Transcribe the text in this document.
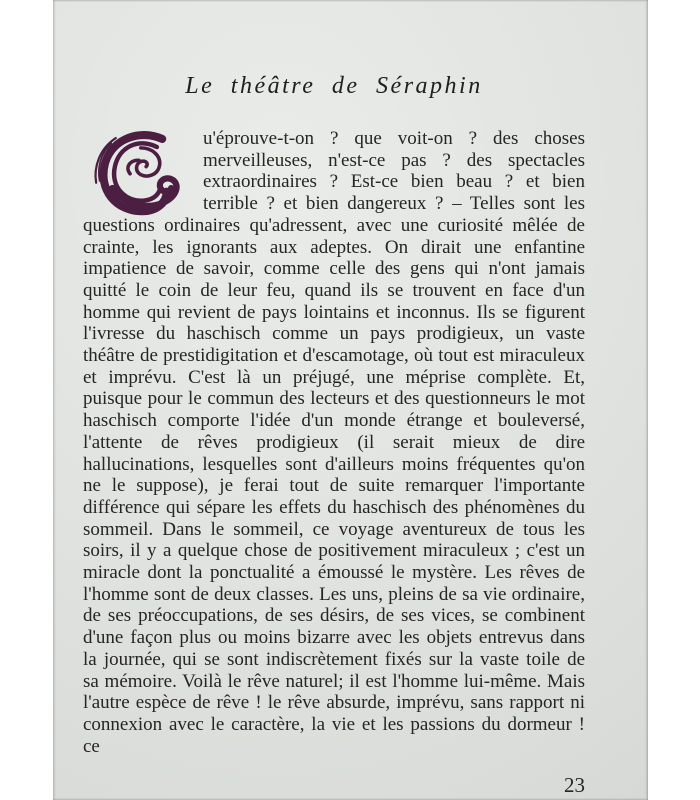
Le théâtre de Séraphin

u'éprouve-t-on ? que voit-on ? des choses merveilleuses, n'est-ce pas ? des spectacles extraordinaires ? Est-ce bien beau ? et bien terrible ? et bien dangereux ? – Telles sont les questions ordinaires qu'adressent, avec une curiosité mêlée de crainte, les ignorants aux adeptes. On dirait une enfantine impatience de savoir, comme celle des gens qui n'ont jamais quitté le coin de leur feu, quand ils se trouvent en face d'un homme qui revient de pays lointains et inconnus. Ils se figurent l'ivresse du haschisch comme un pays prodigieux, un vaste théâtre de prestidigitation et d'escamotage, où tout est miraculeux et imprévu. C'est là un préjugé, une méprise complète. Et, puisque pour le commun des lecteurs et des questionneurs le mot haschisch comporte l'idée d'un monde étrange et bouleversé, l'attente de rêves prodigieux (il serait mieux de dire hallucinations, lesquelles sont d'ailleurs moins fréquentes qu'on ne le suppose), je ferai tout de suite remarquer l'importante différence qui sépare les effets du haschisch des phénomènes du sommeil. Dans le sommeil, ce voyage aventureux de tous les soirs, il y a quelque chose de positivement miraculeux ; c'est un miracle dont la ponctualité a émoussé le mystère. Les rêves de l'homme sont de deux classes. Les uns, pleins de sa vie ordinaire, de ses préoccupations, de ses désirs, de ses vices, se combinent d'une façon plus ou moins bizarre avec les objets entrevus dans la journée, qui se sont indiscrètement fixés sur la vaste toile de sa mémoire. Voilà le rêve naturel; il est l'homme lui-même. Mais l'autre espèce de rêve ! le rêve absurde, imprévu, sans rapport ni connexion avec le caractère, la vie et les passions du dormeur ! ce

23
